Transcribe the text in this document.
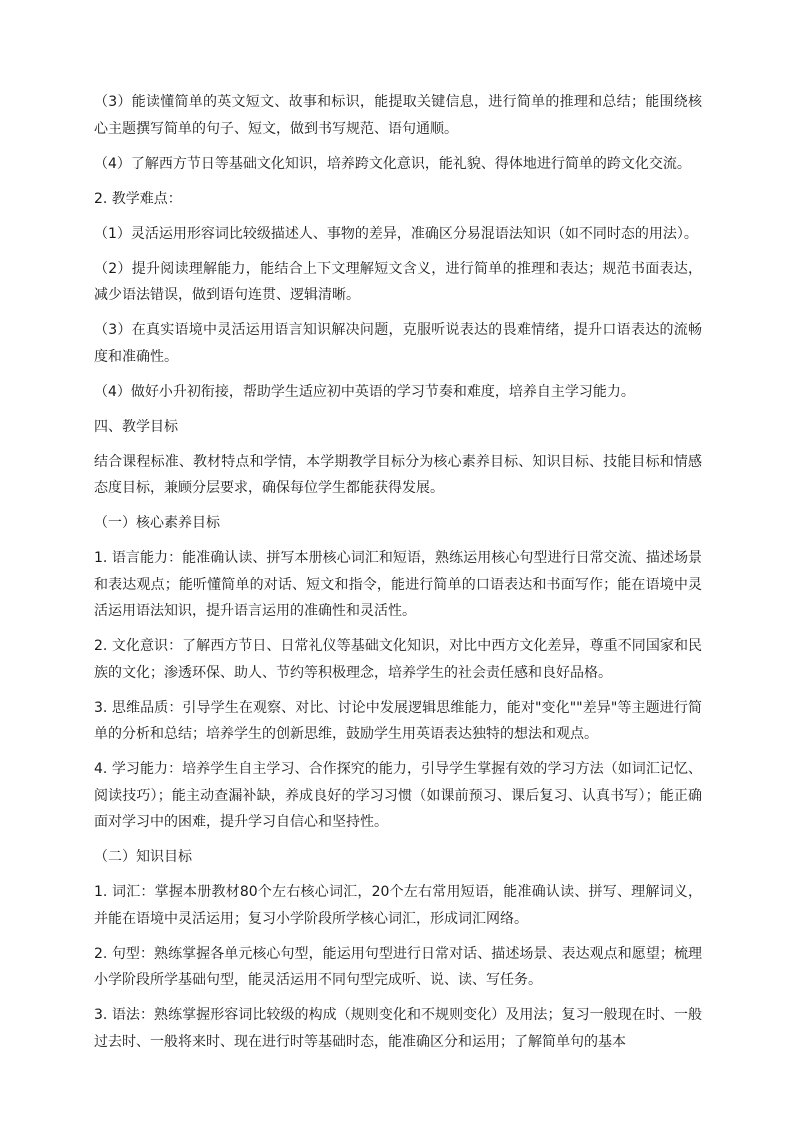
（3）能读懂简单的英文短文、故事和标识，能提取关键信息，进行简单的推理和总结；能围绕核心主题撰写简单的句子、短文，做到书写规范、语句通顺。

（4）了解西方节日等基础文化知识，培养跨文化意识，能礼貌、得体地进行简单的跨文化交流。

2. 教学难点：

（1）灵活运用形容词比较级描述人、事物的差异，准确区分易混语法知识（如不同时态的用法）。

（2）提升阅读理解能力，能结合上下文理解短文含义，进行简单的推理和表达；规范书面表达，减少语法错误，做到语句连贯、逻辑清晰。

（3）在真实语境中灵活运用语言知识解决问题，克服听说表达的畏难情绪，提升口语表达的流畅度和准确性。

（4）做好小升初衔接，帮助学生适应初中英语的学习节奏和难度，培养自主学习能力。

四、教学目标

结合课程标准、教材特点和学情，本学期教学目标分为核心素养目标、知识目标、技能目标和情感态度目标，兼顾分层要求，确保每位学生都能获得发展。

（一）核心素养目标

1. 语言能力：能准确认读、拼写本册核心词汇和短语，熟练运用核心句型进行日常交流、描述场景和表达观点；能听懂简单的对话、短文和指令，能进行简单的口语表达和书面写作；能在语境中灵活运用语法知识，提升语言运用的准确性和灵活性。

2. 文化意识：了解西方节日、日常礼仪等基础文化知识，对比中西方文化差异，尊重不同国家和民族的文化；渗透环保、助人、节约等积极理念，培养学生的社会责任感和良好品格。

3. 思维品质：引导学生在观察、对比、讨论中发展逻辑思维能力，能对"变化""差异"等主题进行简单的分析和总结；培养学生的创新思维，鼓励学生用英语表达独特的想法和观点。

4. 学习能力：培养学生自主学习、合作探究的能力，引导学生掌握有效的学习方法（如词汇记忆、阅读技巧）；能主动查漏补缺，养成良好的学习习惯（如课前预习、课后复习、认真书写）；能正确面对学习中的困难，提升学习自信心和坚持性。

（二）知识目标

1. 词汇：掌握本册教材80个左右核心词汇，20个左右常用短语，能准确认读、拼写、理解词义，并能在语境中灵活运用；复习小学阶段所学核心词汇，形成词汇网络。

2. 句型：熟练掌握各单元核心句型，能运用句型进行日常对话、描述场景、表达观点和愿望；梳理小学阶段所学基础句型，能灵活运用不同句型完成听、说、读、写任务。

3. 语法：熟练掌握形容词比较级的构成（规则变化和不规则变化）及用法；复习一般现在时、一般过去时、一般将来时、现在进行时等基础时态，能准确区分和运用；了解简单句的基本
